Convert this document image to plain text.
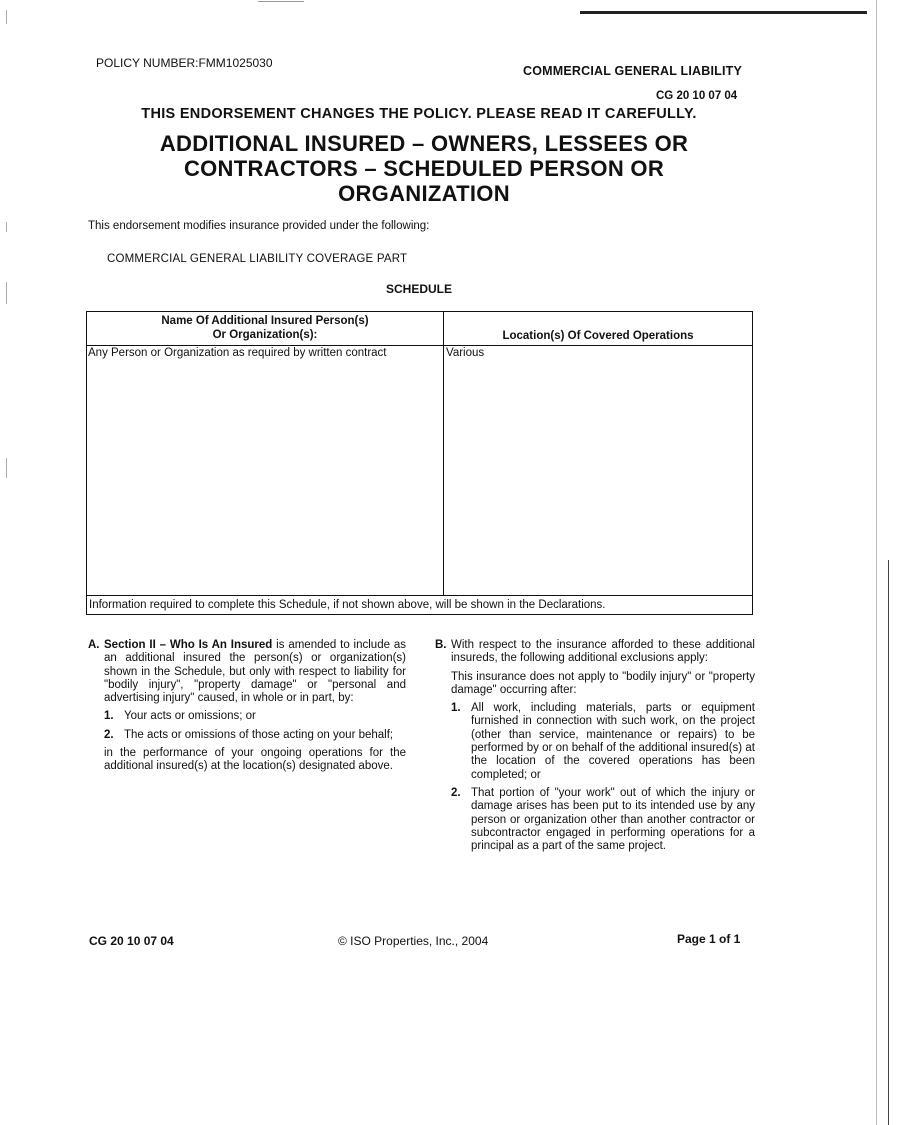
POLICY NUMBER:FMM1025030
COMMERCIAL GENERAL LIABILITY
CG 20 10 07 04
THIS ENDORSEMENT CHANGES THE POLICY. PLEASE READ IT CAREFULLY.
ADDITIONAL INSURED – OWNERS, LESSEES OR
CONTRACTORS – SCHEDULED PERSON OR
ORGANIZATION
This endorsement modifies insurance provided under the following:
COMMERCIAL GENERAL LIABILITY COVERAGE PART
SCHEDULE
Name Of Additional Insured Person(s)
Or Organization(s):	Location(s) Of Covered Operations
Any Person or Organization as required by written contract	Various
Information required to complete this Schedule, if not shown above, will be shown in the Declarations.
A. Section II – Who Is An Insured is amended to include as an additional insured the person(s) or organization(s) shown in the Schedule, but only with respect to liability for "bodily injury", "property damage" or "personal and advertising injury" caused, in whole or in part, by:
1. Your acts or omissions; or
2. The acts or omissions of those acting on your behalf;
in the performance of your ongoing operations for the additional insured(s) at the location(s) designated above.
B. With respect to the insurance afforded to these additional insureds, the following additional exclusions apply:
This insurance does not apply to "bodily injury" or "property damage" occurring after:
1. All work, including materials, parts or equipment furnished in connection with such work, on the project (other than service, maintenance or repairs) to be performed by or on behalf of the additional insured(s) at the location of the covered operations has been completed; or
2. That portion of "your work" out of which the injury or damage arises has been put to its intended use by any person or organization other than another contractor or subcontractor engaged in performing operations for a principal as a part of the same project.
CG 20 10 07 04	© ISO Properties, Inc., 2004	Page 1 of 1
